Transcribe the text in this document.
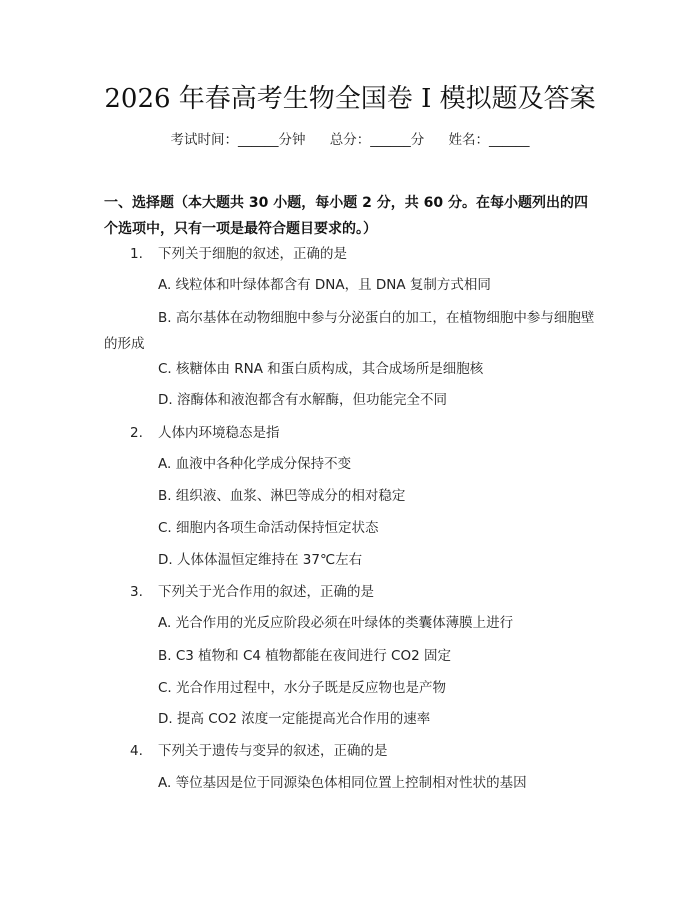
2026 年春高考生物全国卷 I 模拟题及答案
考试时间：______分钟 总分：______分 姓名：______
一、选择题（本大题共 30 小题，每小题 2 分，共 60 分。在每小题列出的四个选项中，只有一项是最符合题目要求的。）
1. 下列关于细胞的叙述，正确的是
A. 线粒体和叶绿体都含有 DNA，且 DNA 复制方式相同
B. 高尔基体在动物细胞中参与分泌蛋白的加工，在植物细胞中参与细胞壁的形成
C. 核糖体由 RNA 和蛋白质构成，其合成场所是细胞核
D. 溶酶体和液泡都含有水解酶，但功能完全不同
2. 人体内环境稳态是指
A. 血液中各种化学成分保持不变
B. 组织液、血浆、淋巴等成分的相对稳定
C. 细胞内各项生命活动保持恒定状态
D. 人体体温恒定维持在 37℃左右
3. 下列关于光合作用的叙述，正确的是
A. 光合作用的光反应阶段必须在叶绿体的类囊体薄膜上进行
B. C3 植物和 C4 植物都能在夜间进行 CO2 固定
C. 光合作用过程中，水分子既是反应物也是产物
D. 提高 CO2 浓度一定能提高光合作用的速率
4. 下列关于遗传与变异的叙述，正确的是
A. 等位基因是位于同源染色体相同位置上控制相对性状的基因
